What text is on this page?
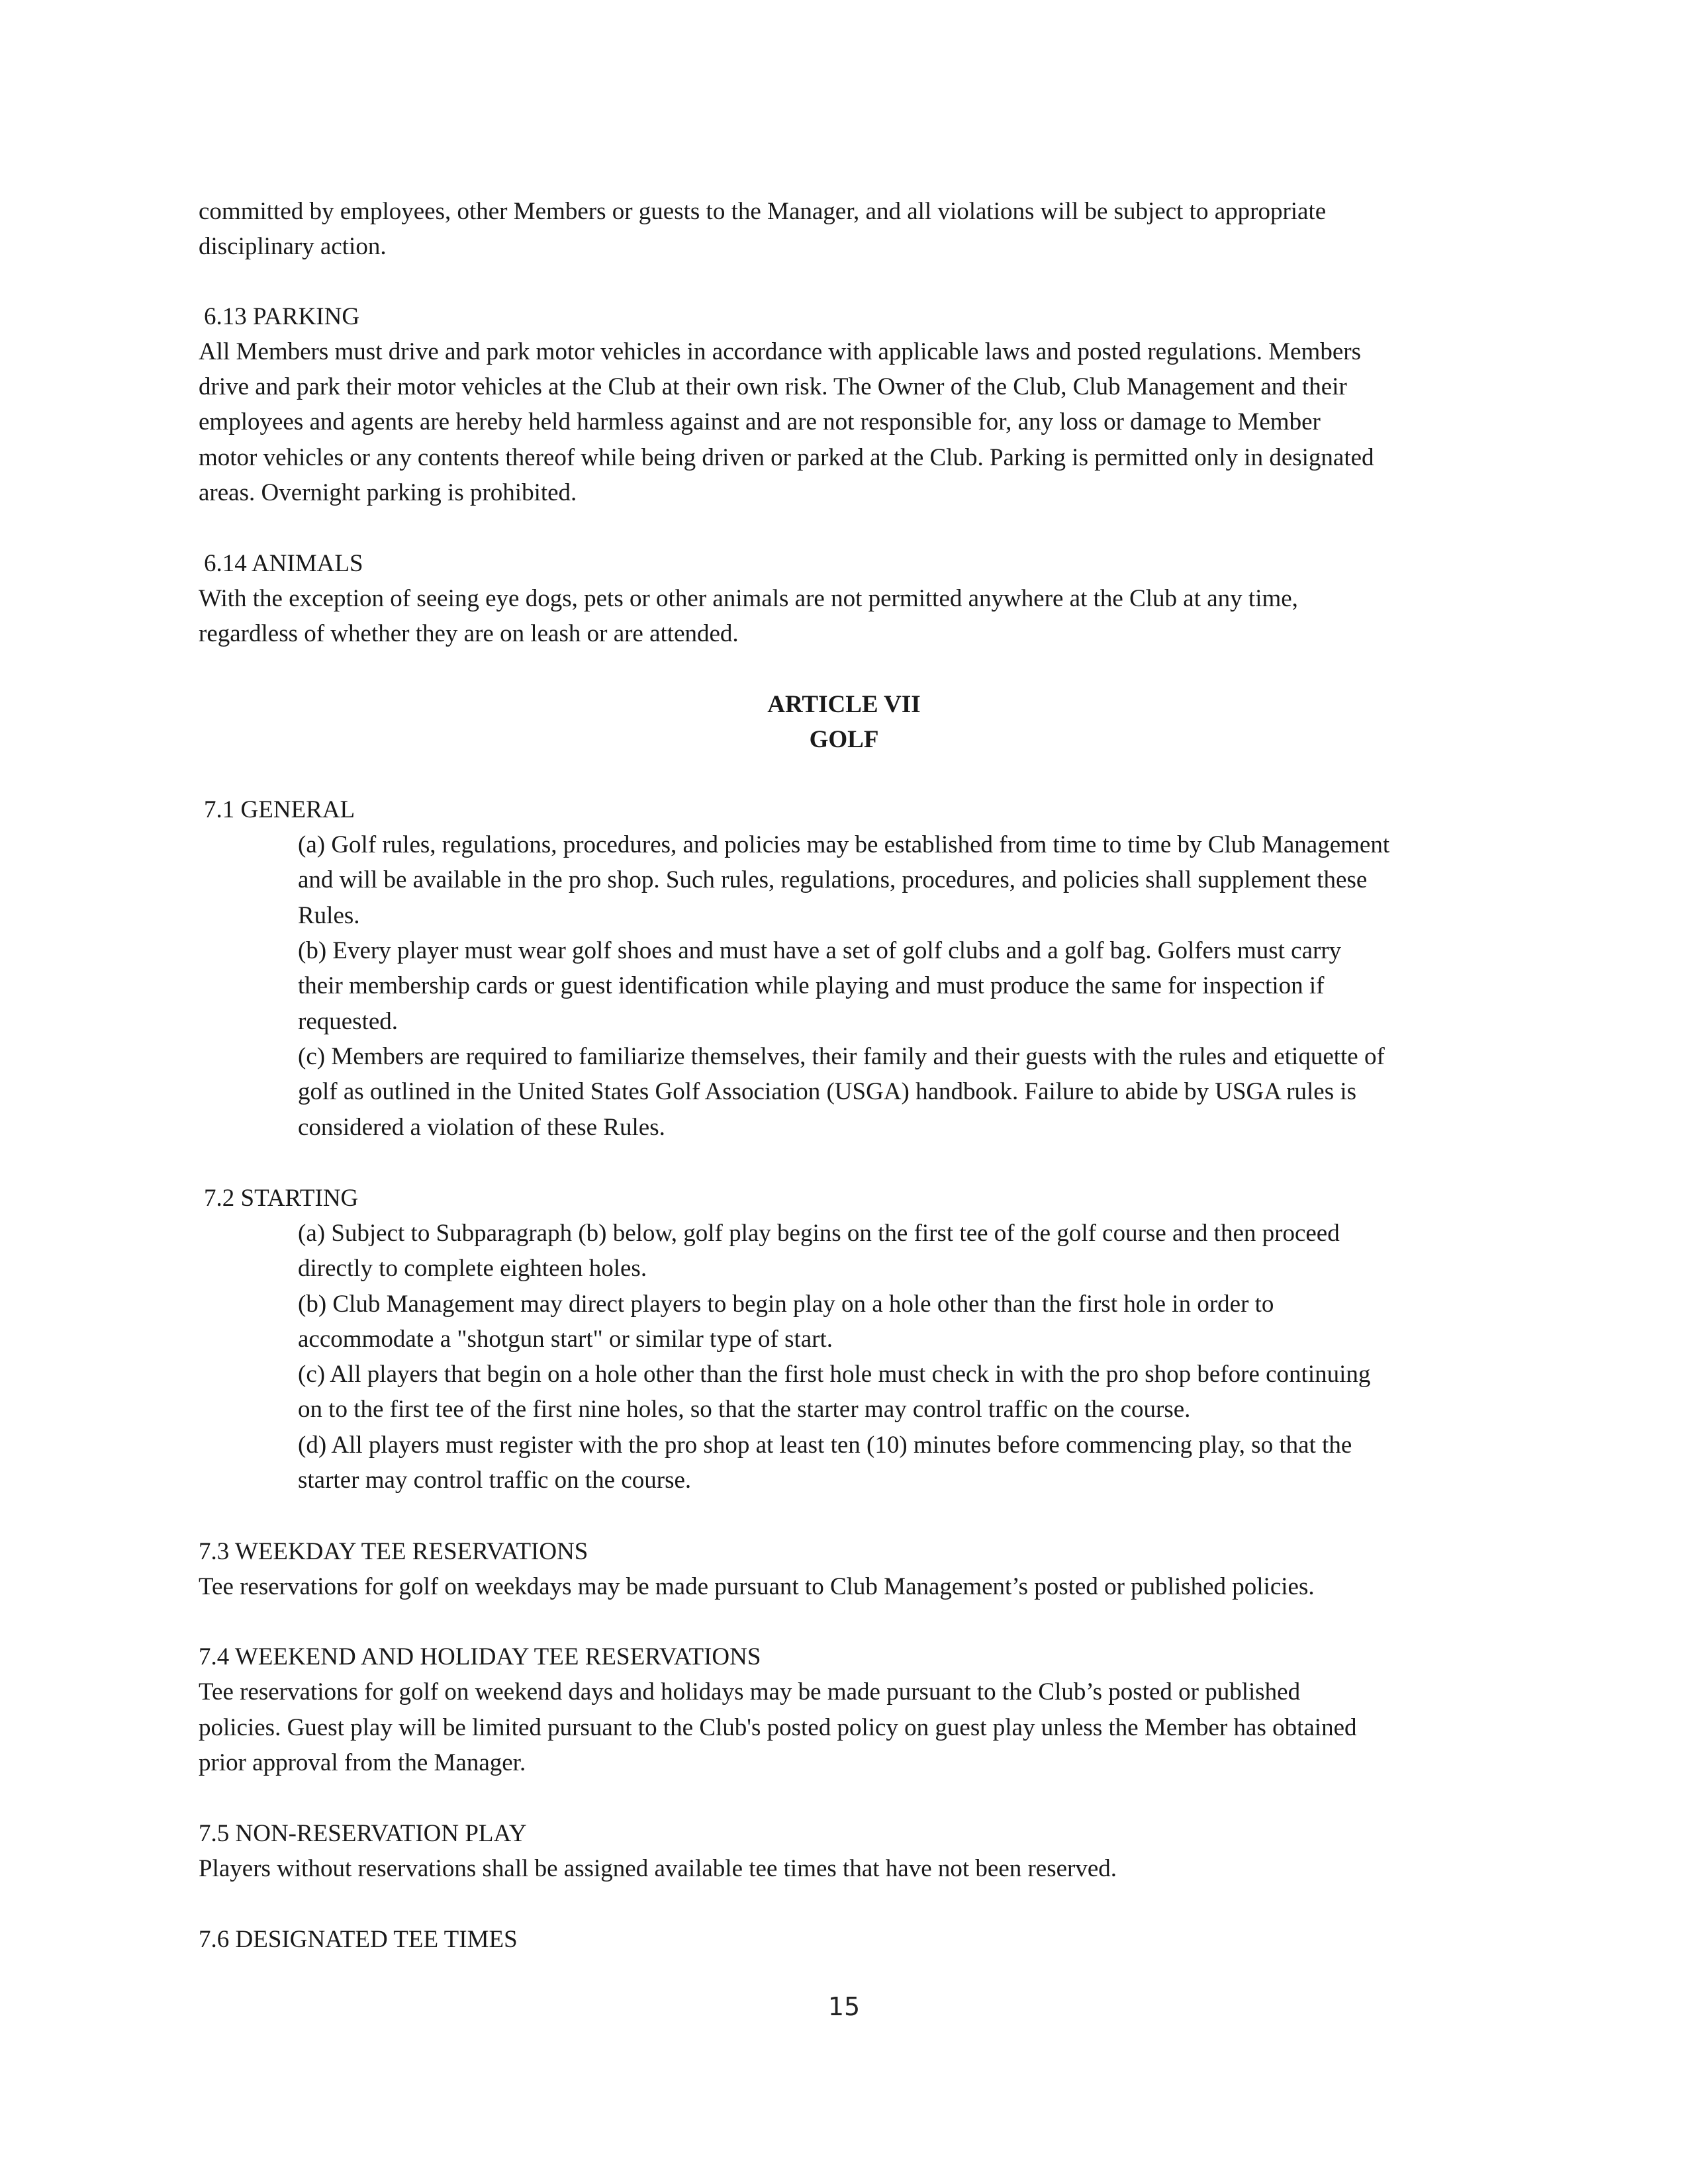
committed by employees, other Members or guests to the Manager, and all violations will be subject to appropriate
disciplinary action.
6.13 PARKING
All Members must drive and park motor vehicles in accordance with applicable laws and posted regulations. Members
drive and park their motor vehicles at the Club at their own risk. The Owner of the Club, Club Management and their
employees and agents are hereby held harmless against and are not responsible for, any loss or damage to Member
motor vehicles or any contents thereof while being driven or parked at the Club. Parking is permitted only in designated
areas. Overnight parking is prohibited.
6.14 ANIMALS
With the exception of seeing eye dogs, pets or other animals are not permitted anywhere at the Club at any time,
regardless of whether they are on leash or are attended.
ARTICLE VII
GOLF
7.1 GENERAL
(a) Golf rules, regulations, procedures, and policies may be established from time to time by Club Management
and will be available in the pro shop. Such rules, regulations, procedures, and policies shall supplement these
Rules.
(b) Every player must wear golf shoes and must have a set of golf clubs and a golf bag. Golfers must carry
their membership cards or guest identification while playing and must produce the same for inspection if
requested.
(c) Members are required to familiarize themselves, their family and their guests with the rules and etiquette of
golf as outlined in the United States Golf Association (USGA) handbook. Failure to abide by USGA rules is
considered a violation of these Rules.
7.2 STARTING
(a) Subject to Subparagraph (b) below, golf play begins on the first tee of the golf course and then proceed
directly to complete eighteen holes.
(b) Club Management may direct players to begin play on a hole other than the first hole in order to
accommodate a "shotgun start" or similar type of start.
(c) All players that begin on a hole other than the first hole must check in with the pro shop before continuing
on to the first tee of the first nine holes, so that the starter may control traffic on the course.
(d) All players must register with the pro shop at least ten (10) minutes before commencing play, so that the
starter may control traffic on the course.
7.3 WEEKDAY TEE RESERVATIONS
Tee reservations for golf on weekdays may be made pursuant to Club Management’s posted or published policies.
7.4 WEEKEND AND HOLIDAY TEE RESERVATIONS
Tee reservations for golf on weekend days and holidays may be made pursuant to the Club’s posted or published
policies. Guest play will be limited pursuant to the Club's posted policy on guest play unless the Member has obtained
prior approval from the Manager.
7.5 NON-RESERVATION PLAY
Players without reservations shall be assigned available tee times that have not been reserved.
7.6 DESIGNATED TEE TIMES
15
